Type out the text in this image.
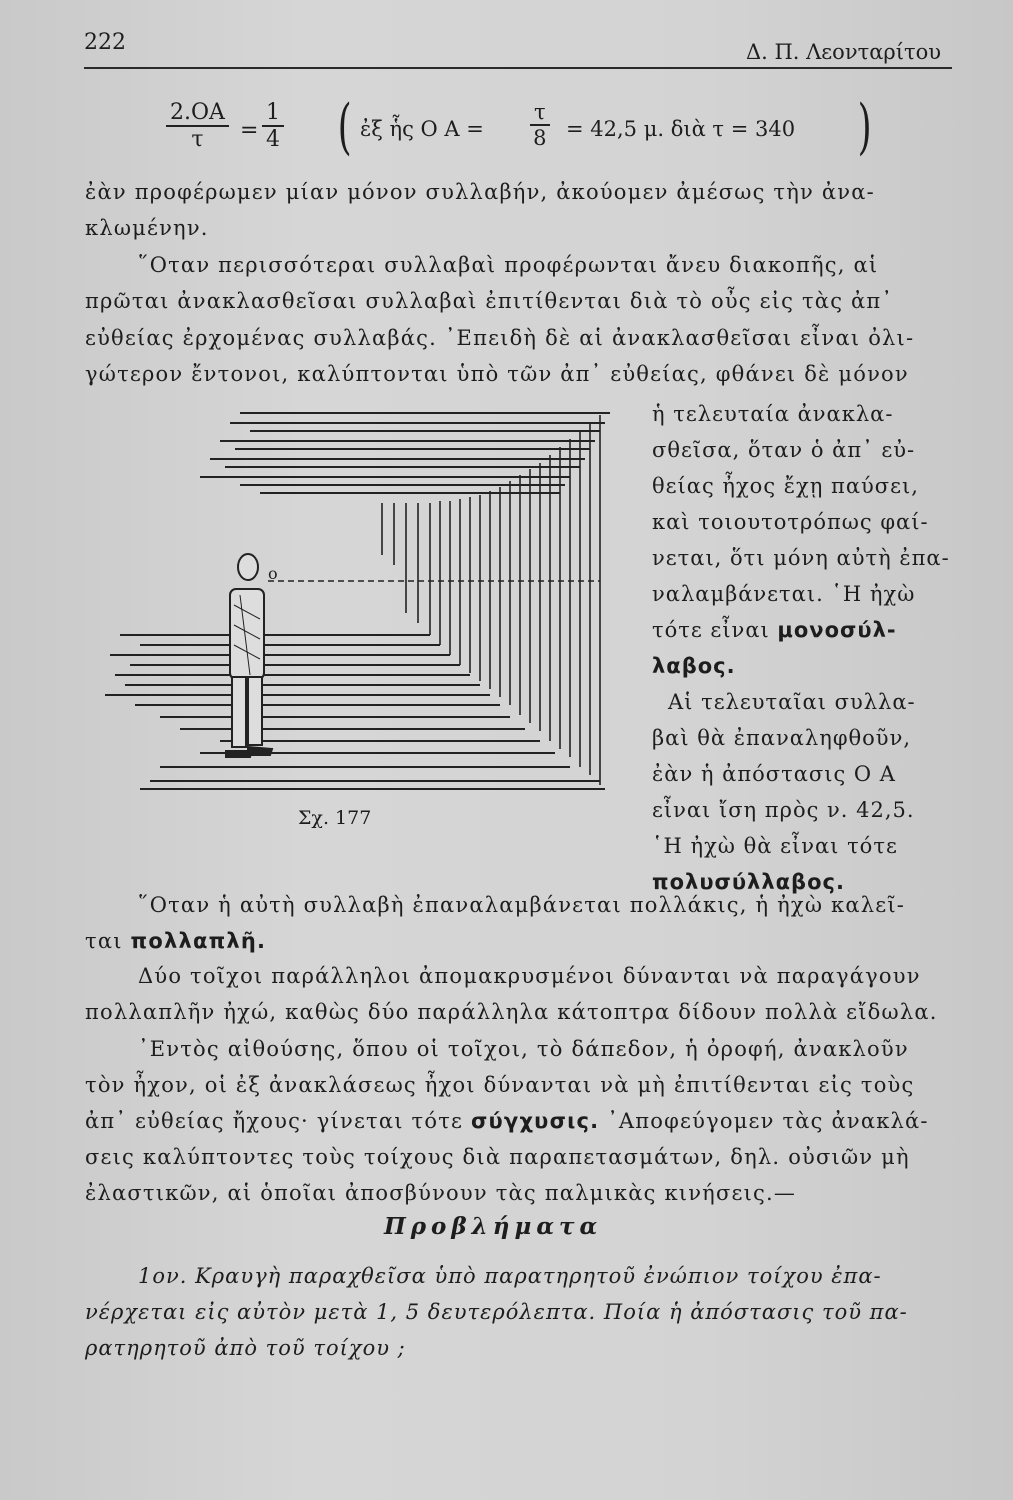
222	Δ. Π. Λεονταρίτου
$\frac{2.OA}{\tau} = \frac{1}{4}$ ( ἐξ ἧς Ο $A = \frac{\tau}{8} = 42,5$ μ. διὰ τ = 340 )
ἐὰν προφέρωμεν μίαν μόνον συλλαβήν, ἀκούομεν ἀμέσως τὴν ἀνα-
κλωμένην.
῞Οταν περισσότεραι συλλαβαὶ προφέρωνται ἄνευ διακοπῆς, αἱ
πρῶται ἀνακλασθεῖσαι συλλαβαὶ ἐπιτίθενται διὰ τὸ οὖς εἰς τὰς ἀπ᾿
εὐθείας ἐρχομένας συλλαβάς. ᾿Επειδὴ δὲ αἱ ἀνακλασθεῖσαι εἶναι ὀλι-
γώτερον ἔντονοι, καλύπτονται ὑπὸ τῶν ἀπ᾿ εὐθείας, φθάνει δὲ μόνον
o
Σχ. 177
ἡ τελευταία ἀνακλα-
σθεῖσα, ὅταν ὁ ἀπ᾿ εὐ-
θείας ἦχος ἔχῃ παύσει,
καὶ τοιουτοτρόπως φαί-
νεται, ὅτι μόνη αὐτὴ ἐπα-
ναλαμβάνεται. ῾Η ἠχὼ
τότε εἶναι μονοσύλ-
λαβος.
Αἱ τελευταῖαι συλλα-
βαὶ θὰ ἐπαναληφθοῦν,
ἐὰν ἡ ἀπόστασις Ο Α
εἶναι ἴση πρὸς ν. 42,5.
῾Η ἠχὼ θὰ εἶναι τότε
πολυσύλλαβος.
῞Οταν ἡ αὐτὴ συλλαβὴ ἐπαναλαμβάνεται πολλάκις, ἡ ἠχὼ καλεῖ-
ται πολλαπλῆ.
Δύο τοῖχοι παράλληλοι ἀπομακρυσμένοι δύνανται νὰ παραγάγουν
πολλαπλῆν ἠχώ, καθὼς δύο παράλληλα κάτοπτρα δίδουν πολλὰ εἴδωλα.
᾿Εντὸς αἰθούσης, ὅπου οἱ τοῖχοι, τὸ δάπεδον, ἡ ὀροφή, ἀνακλοῦν
τὸν ἦχον, οἱ ἐξ ἀνακλάσεως ἦχοι δύνανται νὰ μὴ ἐπιτίθενται εἰς τοὺς
ἀπ᾿ εὐθείας ἤχους· γίνεται τότε σύγχυσις. ᾿Αποφεύγομεν τὰς ἀνακλά-
σεις καλύπτοντες τοὺς τοίχους διὰ παραπετασμάτων, δηλ. οὐσιῶν μὴ
ἐλαστικῶν, αἱ ὁποῖαι ἀποσβύνουν τὰς παλμικὰς κινήσεις.—
Προβλήματα
1ον. Κραυγὴ παραχθεῖσα ὑπὸ παρατηρητοῦ ἐνώπιον τοίχου ἐπα-
νέρχεται εἰς αὐτὸν μετὰ 1, 5 δευτερόλεπτα. Ποία ἡ ἀπόστασις τοῦ πα-
ρατηρητοῦ ἀπὸ τοῦ τοίχου ;
